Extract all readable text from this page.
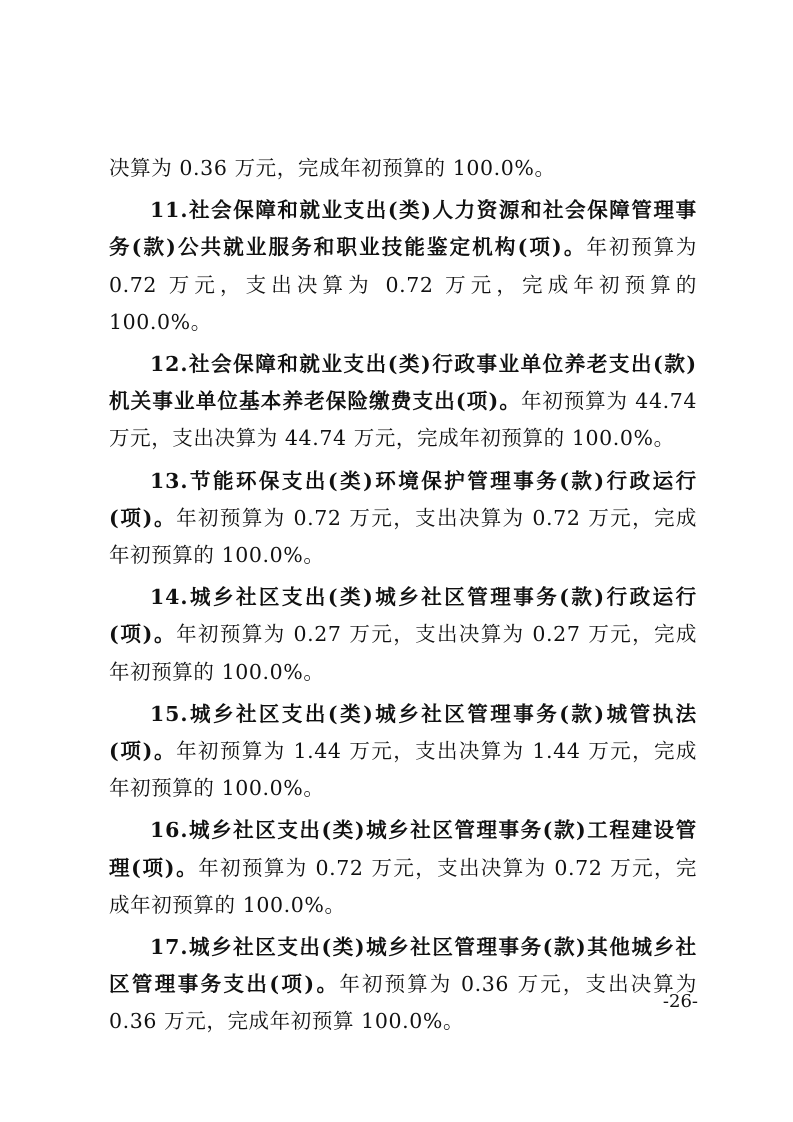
决算为 0.36 万元，完成年初预算的 100.0%。

11.社会保障和就业支出(类)人力资源和社会保障管理事务(款)公共就业服务和职业技能鉴定机构(项)。年初预算为 0.72 万元，支出决算为 0.72 万元，完成年初预算的 100.0%。

12.社会保障和就业支出(类)行政事业单位养老支出(款)机关事业单位基本养老保险缴费支出(项)。年初预算为 44.74 万元，支出决算为 44.74 万元，完成年初预算的 100.0%。

13.节能环保支出(类)环境保护管理事务(款)行政运行(项)。年初预算为 0.72 万元，支出决算为 0.72 万元，完成年初预算的 100.0%。

14.城乡社区支出(类)城乡社区管理事务(款)行政运行(项)。年初预算为 0.27 万元，支出决算为 0.27 万元，完成年初预算的 100.0%。

15.城乡社区支出(类)城乡社区管理事务(款)城管执法(项)。年初预算为 1.44 万元，支出决算为 1.44 万元，完成年初预算的 100.0%。

16.城乡社区支出(类)城乡社区管理事务(款)工程建设管理(项)。年初预算为 0.72 万元，支出决算为 0.72 万元，完成年初预算的 100.0%。

17.城乡社区支出(类)城乡社区管理事务(款)其他城乡社区管理事务支出(项)。年初预算为 0.36 万元，支出决算为 0.36 万元，完成年初预算 100.0%。

-26-
